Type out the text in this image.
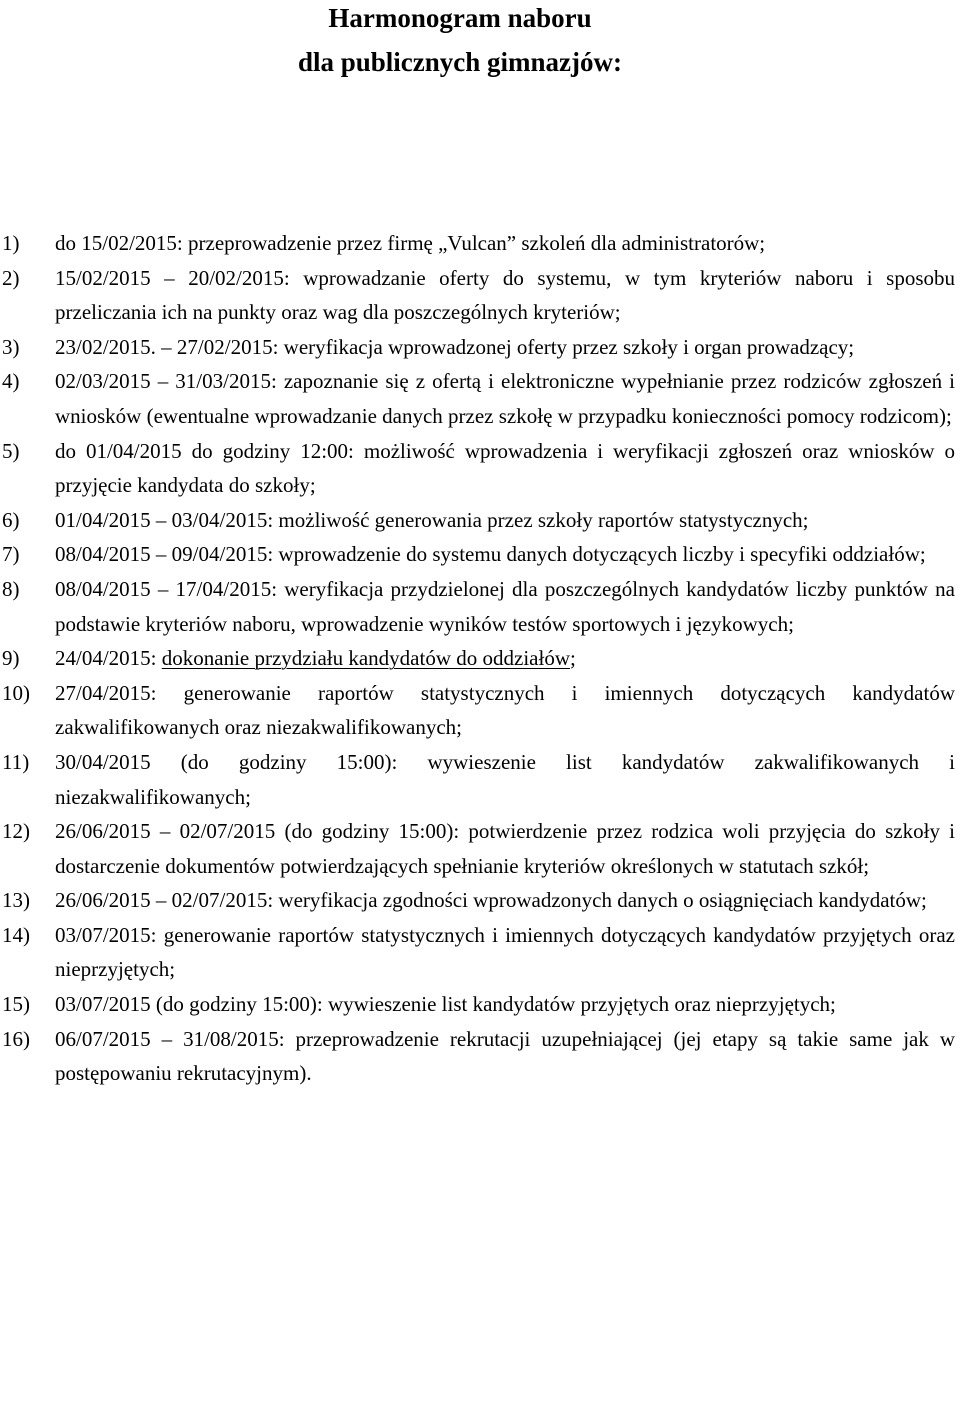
Harmonogram naboru
dla publicznych gimnazjów:
1) do 15/02/2015: przeprowadzenie przez firmę „Vulcan” szkoleń dla administratorów;
2) 15/02/2015 – 20/02/2015: wprowadzanie oferty do systemu, w tym kryteriów naboru i sposobu przeliczania ich na punkty oraz wag dla poszczególnych kryteriów;
3) 23/02/2015. – 27/02/2015: weryfikacja wprowadzonej oferty przez szkoły i organ prowadzący;
4) 02/03/2015 – 31/03/2015: zapoznanie się z ofertą i elektroniczne wypełnianie przez rodziców zgłoszeń i wniosków (ewentualne wprowadzanie danych przez szkołę w przypadku konieczności pomocy rodzicom);
5) do 01/04/2015 do godziny 12:00: możliwość wprowadzenia i weryfikacji zgłoszeń oraz wniosków o przyjęcie kandydata do szkoły;
6) 01/04/2015 – 03/04/2015: możliwość generowania przez szkoły raportów statystycznych;
7) 08/04/2015 – 09/04/2015: wprowadzenie do systemu danych dotyczących liczby i specyfiki oddziałów;
8) 08/04/2015 – 17/04/2015: weryfikacja przydzielonej dla poszczególnych kandydatów liczby punktów na podstawie kryteriów naboru, wprowadzenie wyników testów sportowych i językowych;
9) 24/04/2015: dokonanie przydziału kandydatów do oddziałów;
10) 27/04/2015: generowanie raportów statystycznych i imiennych dotyczących kandydatów zakwalifikowanych oraz niezakwalifikowanych;
11) 30/04/2015 (do godziny 15:00): wywieszenie list kandydatów zakwalifikowanych i niezakwalifikowanych;
12) 26/06/2015 – 02/07/2015 (do godziny 15:00): potwierdzenie przez rodzica woli przyjęcia do szkoły i dostarczenie dokumentów potwierdzających spełnianie kryteriów określonych w statutach szkół;
13) 26/06/2015 – 02/07/2015: weryfikacja zgodności wprowadzonych danych o osiągnięciach kandydatów;
14) 03/07/2015: generowanie raportów statystycznych i imiennych dotyczących kandydatów przyjętych oraz nieprzyjętych;
15) 03/07/2015 (do godziny 15:00): wywieszenie list kandydatów przyjętych oraz nieprzyjętych;
16) 06/07/2015 – 31/08/2015: przeprowadzenie rekrutacji uzupełniającej (jej etapy są takie same jak w postępowaniu rekrutacyjnym).
